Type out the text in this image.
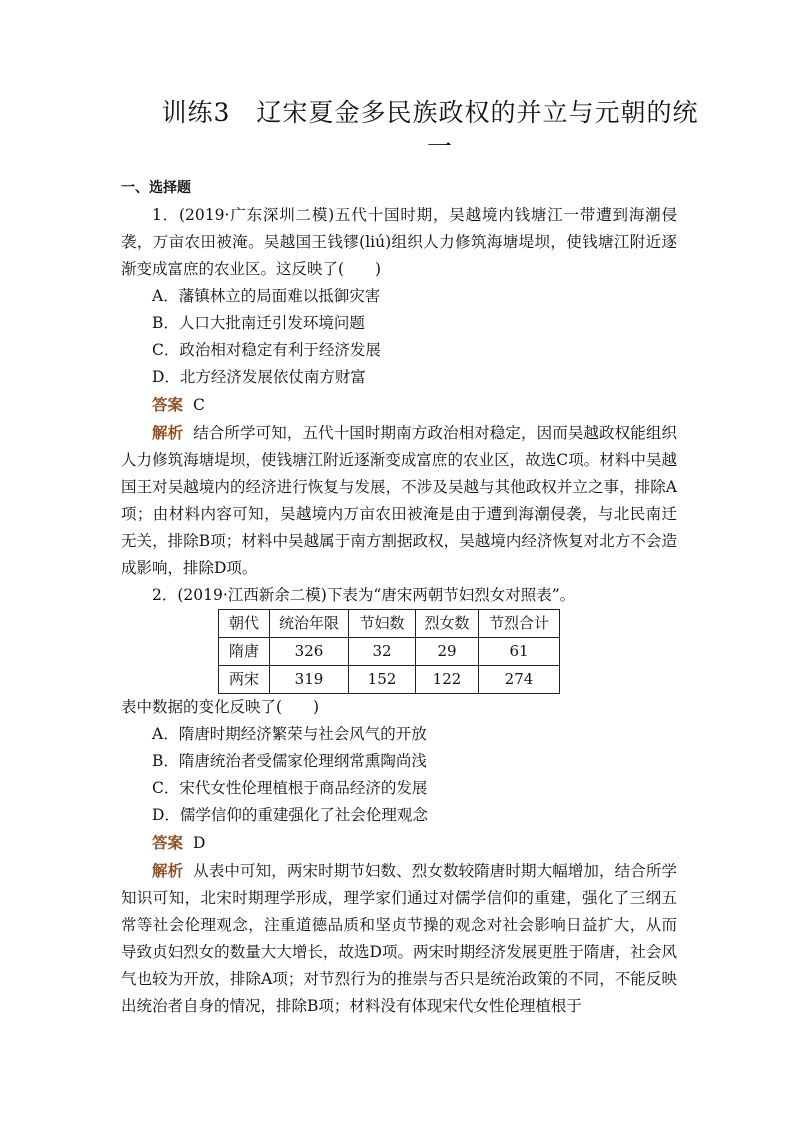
训练3　辽宋夏金多民族政权的并立与元朝的统
一

一、选择题

1．(2019·广东深圳二模)五代十国时期，吴越境内钱塘江一带遭到海潮侵袭，万亩农田被淹。吴越国王钱镠(liú)组织人力修筑海塘堤坝，使钱塘江附近逐渐变成富庶的农业区。这反映了(　　)

A．藩镇林立的局面难以抵御灾害

B．人口大批南迁引发环境问题

C．政治相对稳定有利于经济发展

D．北方经济发展依仗南方财富

答案 C

解析 结合所学可知，五代十国时期南方政治相对稳定，因而吴越政权能组织人力修筑海塘堤坝，使钱塘江附近逐渐变成富庶的农业区，故选C项。材料中吴越国王对吴越境内的经济进行恢复与发展，不涉及吴越与其他政权并立之事，排除A项；由材料内容可知，吴越境内万亩农田被淹是由于遭到海潮侵袭，与北民南迁无关，排除B项；材料中吴越属于南方割据政权，吴越境内经济恢复对北方不会造成影响，排除D项。

2．(2019·江西新余二模)下表为“唐宋两朝节妇烈女对照表”。

朝代	统治年限	节妇数	烈女数	节烈合计
隋唐	326	32	29	61
两宋	319	152	122	274

表中数据的变化反映了(　　)

A．隋唐时期经济繁荣与社会风气的开放

B．隋唐统治者受儒家伦理纲常熏陶尚浅

C．宋代女性伦理植根于商品经济的发展

D．儒学信仰的重建强化了社会伦理观念

答案 D

解析 从表中可知，两宋时期节妇数、烈女数较隋唐时期大幅增加，结合所学知识可知，北宋时期理学形成，理学家们通过对儒学信仰的重建，强化了三纲五常等社会伦理观念，注重道德品质和坚贞节操的观念对社会影响日益扩大，从而导致贞妇烈女的数量大大增长，故选D项。两宋时期经济发展更胜于隋唐，社会风气也较为开放，排除A项；对节烈行为的推崇与否只是统治政策的不同，不能反映出统治者自身的情况，排除B项；材料没有体现宋代女性伦理植根于
